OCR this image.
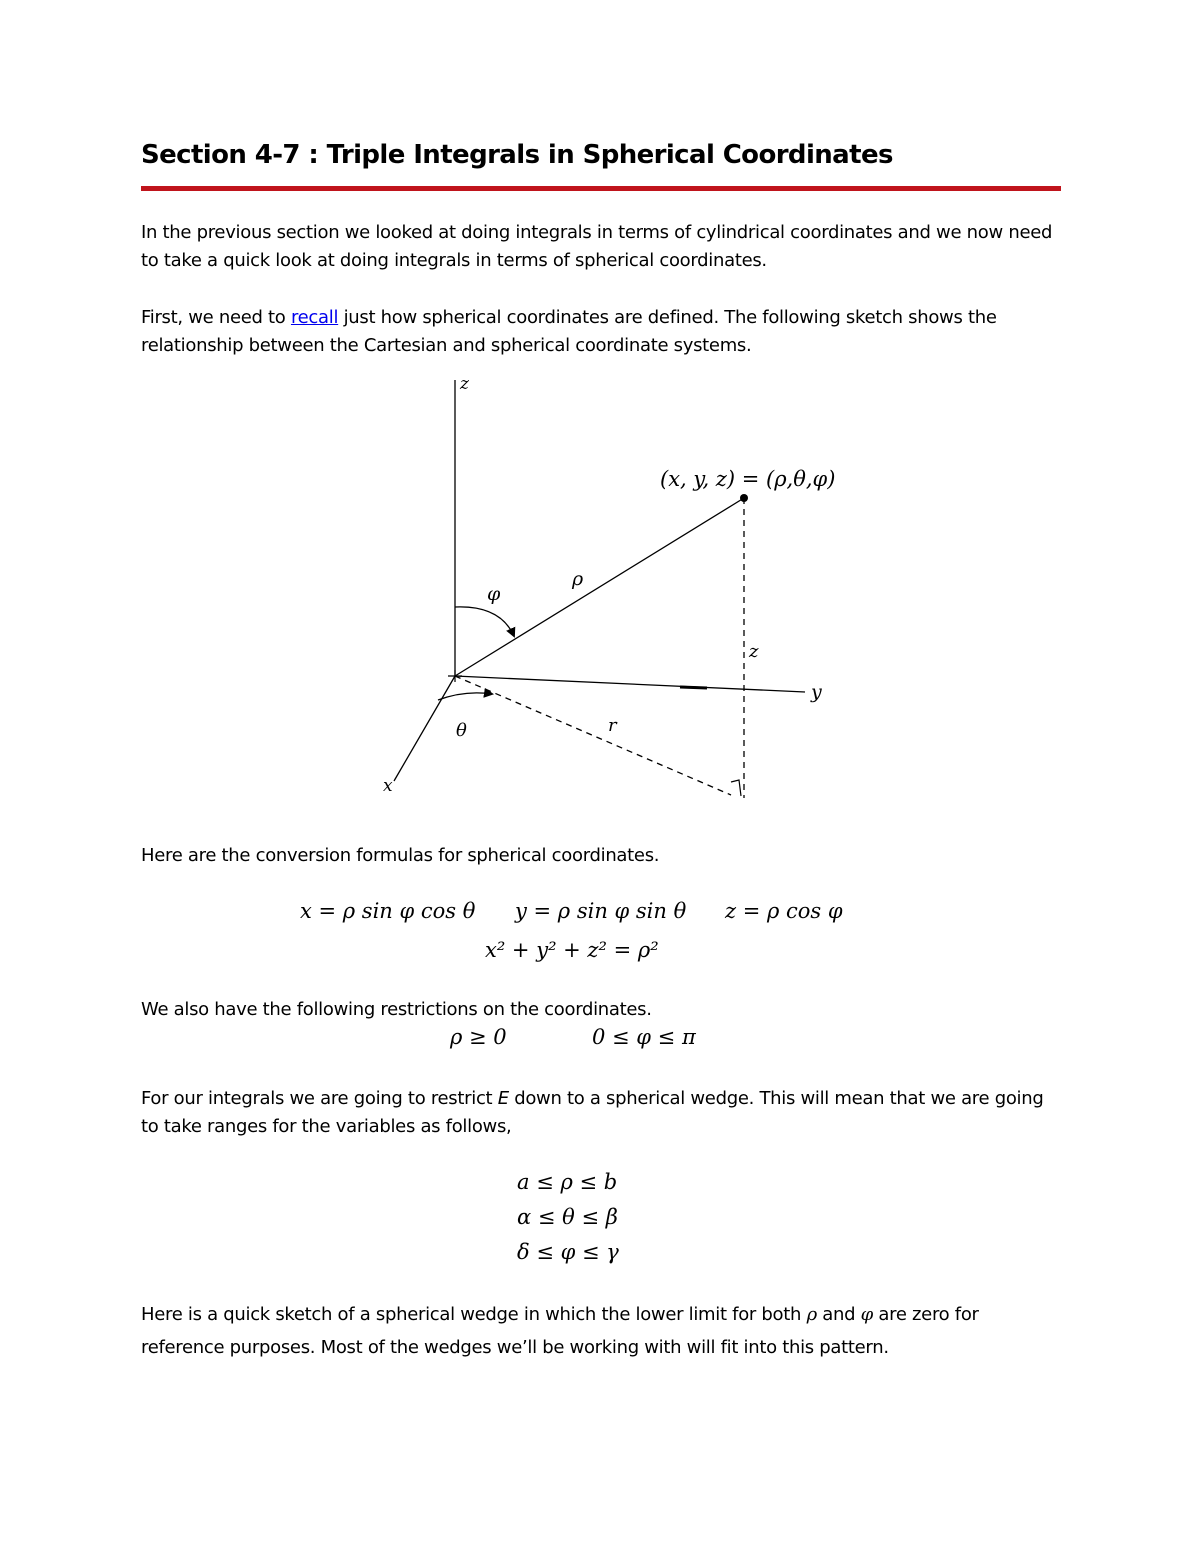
Section 4-7 : Triple Integrals in Spherical Coordinates
In the previous section we looked at doing integrals in terms of cylindrical coordinates and we now need
to take a quick look at doing integrals in terms of spherical coordinates.
First, we need to recall just how spherical coordinates are defined. The following sketch shows the
relationship between the Cartesian and spherical coordinate systems.
z
y
x
(x, y, z) = (ρ,θ,φ)
ρ
φ
θ	r
z
Here are the conversion formulas for spherical coordinates.
x = ρ sin φ cos θ y = ρ sin φ sin θ z = ρ cos φ
x² + y² + z² = ρ²
We also have the following restrictions on the coordinates.
ρ ≥ 0	0 ≤ φ ≤ π
For our integrals we are going to restrict E down to a spherical wedge. This will mean that we are going
to take ranges for the variables as follows,
a ≤ ρ ≤ b
α ≤ θ ≤ β
δ ≤ φ ≤ γ
Here is a quick sketch of a spherical wedge in which the lower limit for both ρ and φ are zero for
reference purposes. Most of the wedges we’ll be working with will fit into this pattern.
